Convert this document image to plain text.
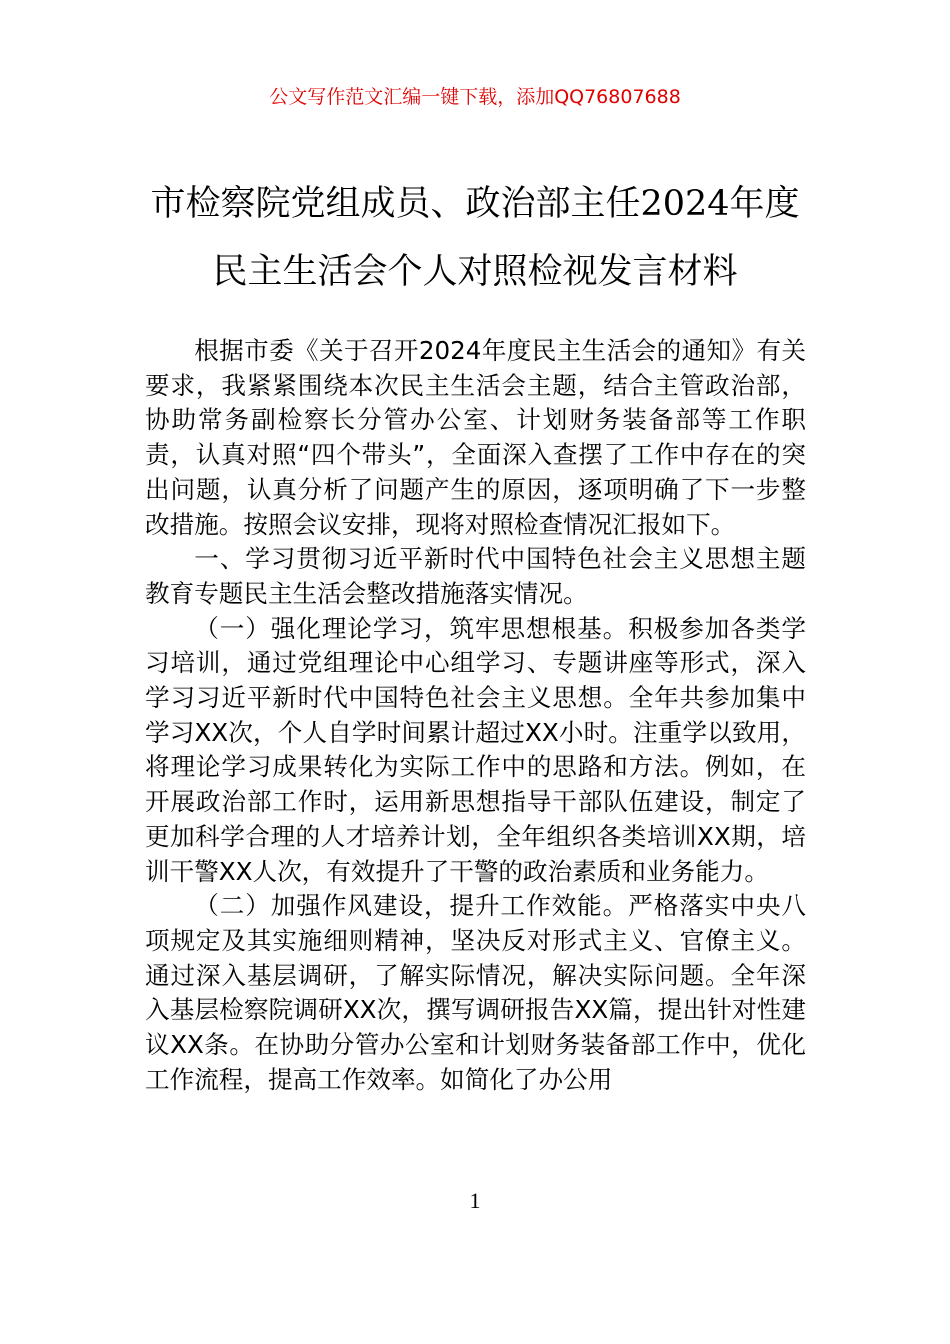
公文写作范文汇编一键下载，添加QQ76807688
市检察院党组成员、政治部主任2024年度
民主生活会个人对照检视发言材料

根据市委《关于召开2024年度民主生活会的通知》有关要求，我紧紧围绕本次民主生活会主题，结合主管政治部，协助常务副检察长分管办公室、计划财务装备部等工作职责，认真对照“四个带头”，全面深入查摆了工作中存在的突出问题，认真分析了问题产生的原因，逐项明确了下一步整改措施。按照会议安排，现将对照检查情况汇报如下。

一、学习贯彻习近平新时代中国特色社会主义思想主题教育专题民主生活会整改措施落实情况。

（一）强化理论学习，筑牢思想根基。积极参加各类学习培训，通过党组理论中心组学习、专题讲座等形式，深入学习习近平新时代中国特色社会主义思想。全年共参加集中学习XX次，个人自学时间累计超过XX小时。注重学以致用，将理论学习成果转化为实际工作中的思路和方法。例如，在开展政治部工作时，运用新思想指导干部队伍建设，制定了更加科学合理的人才培养计划，全年组织各类培训XX期，培训干警XX人次，有效提升了干警的政治素质和业务能力。

（二）加强作风建设，提升工作效能。严格落实中央八项规定及其实施细则精神，坚决反对形式主义、官僚主义。通过深入基层调研，了解实际情况，解决实际问题。全年深入基层检察院调研XX次，撰写调研报告XX篇，提出针对性建议XX条。在协助分管办公室和计划财务装备部工作中，优化工作流程，提高工作效率。如简化了办公用

1
